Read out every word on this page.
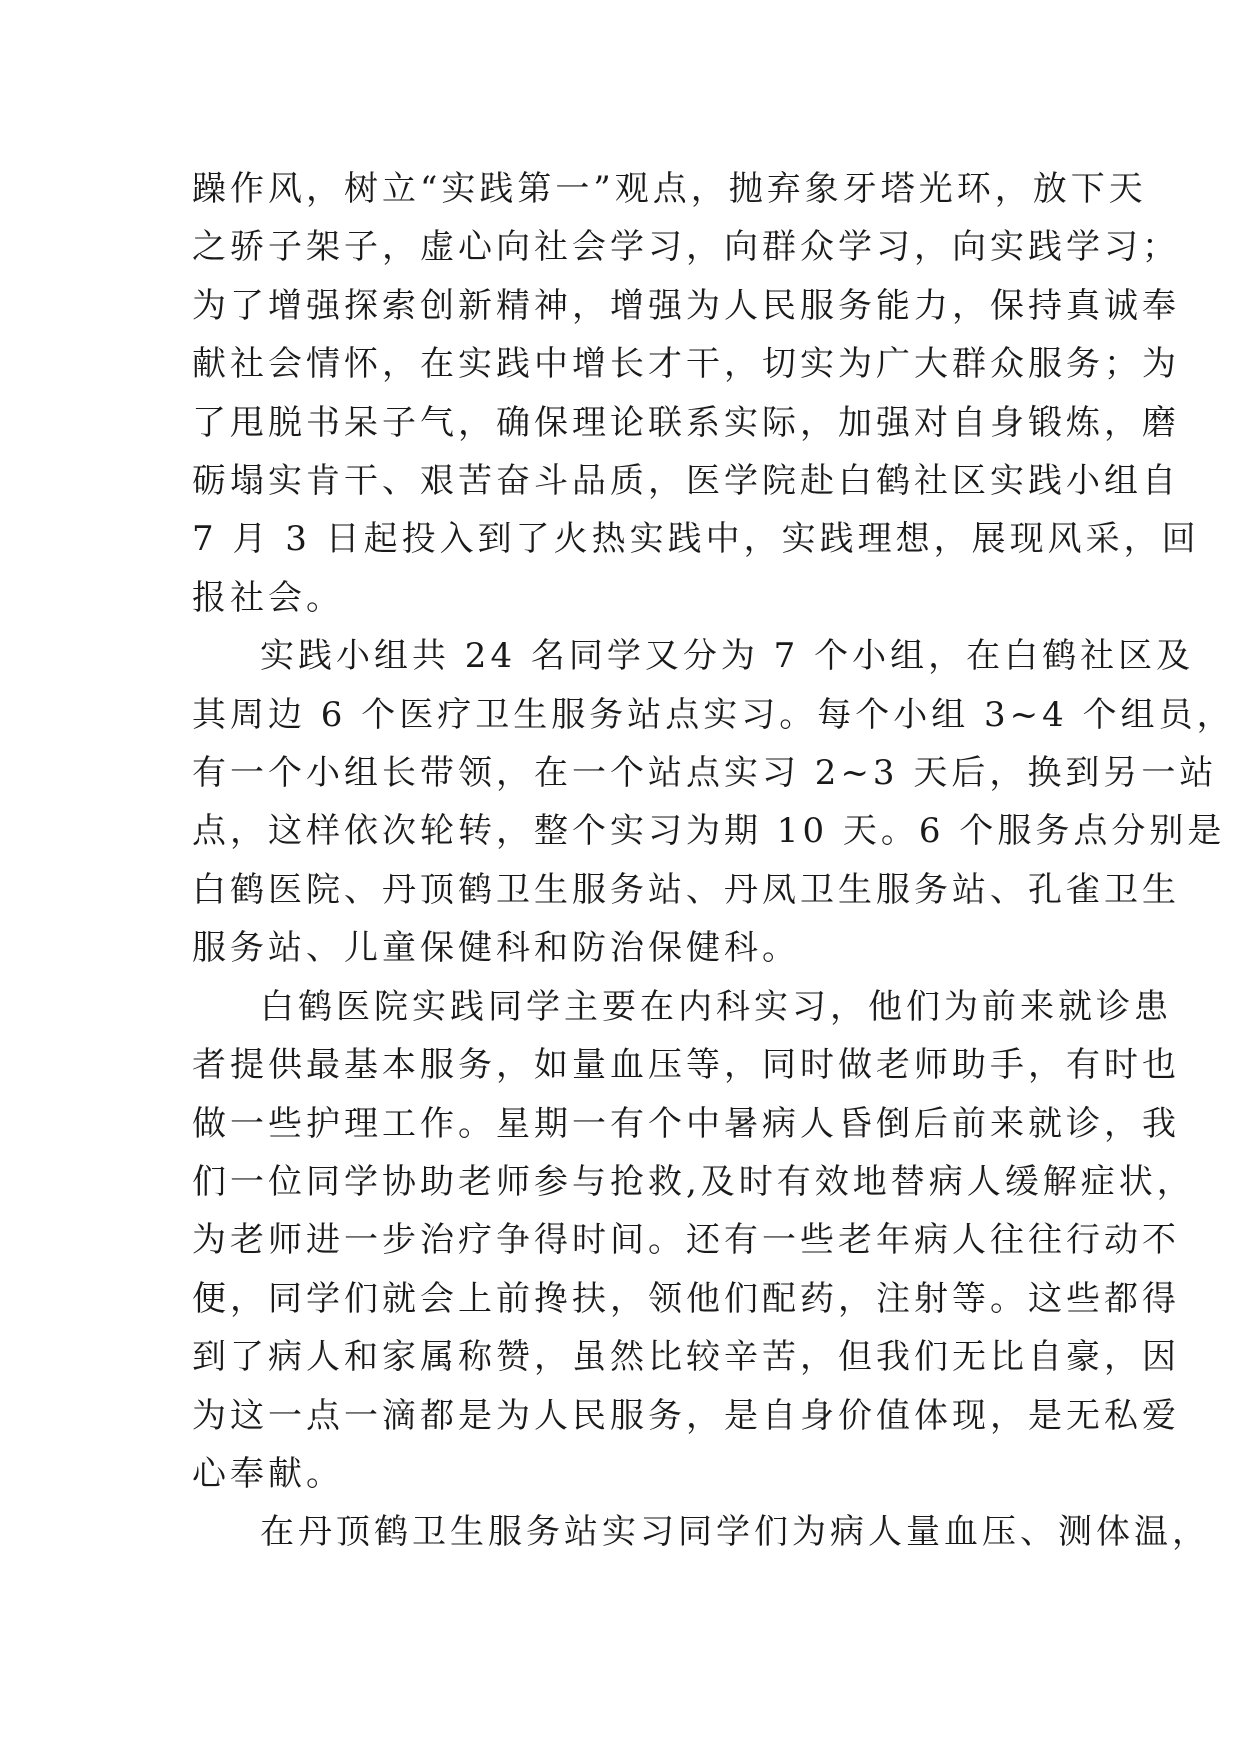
躁作风，树立“实践第一”观点，抛弃象牙塔光环，放下天
之骄子架子，虚心向社会学习，向群众学习，向实践学习；
为了增强探索创新精神，增强为人民服务能力，保持真诚奉
献社会情怀，在实践中增长才干，切实为广大群众服务；为
了甩脱书呆子气，确保理论联系实际，加强对自身锻炼，磨
砺塌实肯干、艰苦奋斗品质，医学院赴白鹤社区实践小组自
7 月 3 日起投入到了火热实践中，实践理想，展现风采，回
报社会。

实践小组共 24 名同学又分为 7 个小组，在白鹤社区及
其周边 6 个医疗卫生服务站点实习。每个小组 3~4 个组员，
有一个小组长带领，在一个站点实习 2~3 天后，换到另一站
点，这样依次轮转，整个实习为期 10 天。6 个服务点分别是
白鹤医院、丹顶鹤卫生服务站、丹凤卫生服务站、孔雀卫生
服务站、儿童保健科和防治保健科。

白鹤医院实践同学主要在内科实习，他们为前来就诊患
者提供最基本服务，如量血压等，同时做老师助手，有时也
做一些护理工作。星期一有个中暑病人昏倒后前来就诊，我
们一位同学协助老师参与抢救,及时有效地替病人缓解症状，
为老师进一步治疗争得时间。还有一些老年病人往往行动不
便，同学们就会上前搀扶，领他们配药，注射等。这些都得
到了病人和家属称赞，虽然比较辛苦，但我们无比自豪，因
为这一点一滴都是为人民服务，是自身价值体现，是无私爱
心奉献。

在丹顶鹤卫生服务站实习同学们为病人量血压、测体温，
